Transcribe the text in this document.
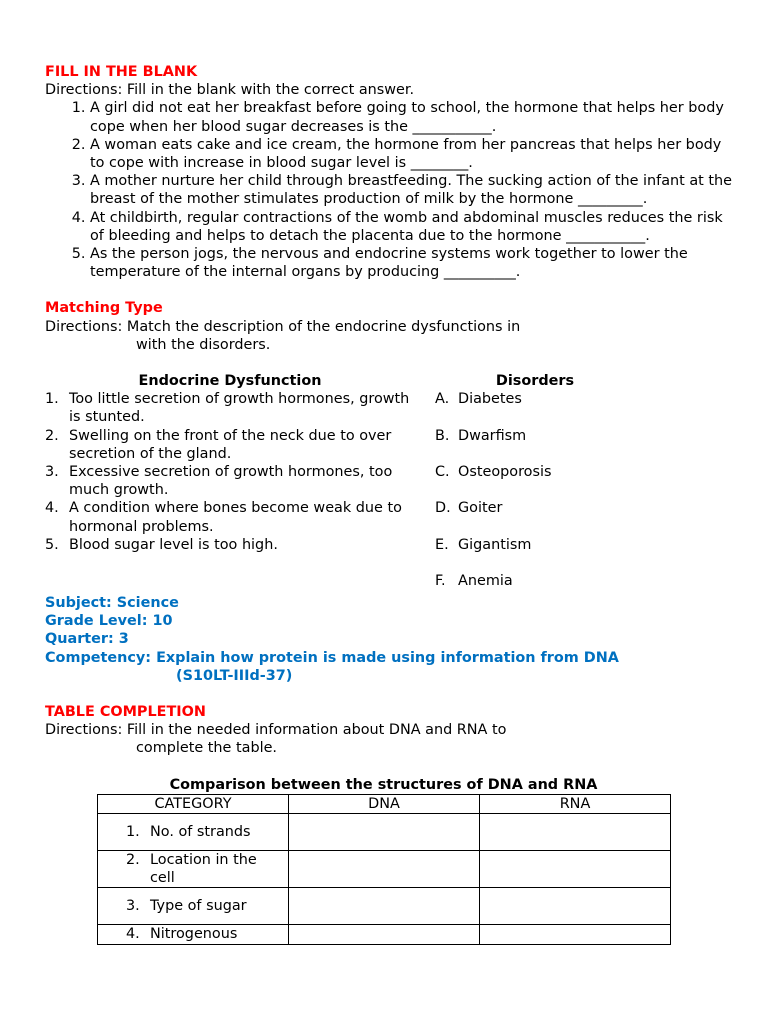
FILL IN THE BLANK

Directions: Fill in the blank with the correct answer.

1. A girl did not eat her breakfast before going to school, the hormone that helps her body cope when her blood sugar decreases is the ___________.
2. A woman eats cake and ice cream, the hormone from her pancreas that helps her body to cope with increase in blood sugar level is ________.
3. A mother nurture her child through breastfeeding. The sucking action of the infant at the breast of the mother stimulates production of milk by the hormone _________.
4. At childbirth, regular contractions of the womb and abdominal muscles reduces the risk of bleeding and helps to detach the placenta due to the hormone ___________.
5. As the person jogs, the nervous and endocrine systems work together to lower the temperature of the internal organs by producing __________.

Matching Type

Directions: Match the description of the endocrine dysfunctions in

with the disorders.

Endocrine Dysfunction
1. Too little secretion of growth hormones, growth is stunted.
2. Swelling on the front of the neck due to over secretion of the gland.
3. Excessive secretion of growth hormones, too much growth.
4. A condition where bones become weak due to hormonal problems.
5. Blood sugar level is too high.
Disorders
A. Diabetes
B. Dwarfism
C. Osteoporosis
D. Goiter
E. Gigantism
F. Anemia
Subject: Science
Grade Level: 10
Quarter: 3
Competency: Explain how protein is made using information from DNA
(S10LT-IIId-37)

TABLE COMPLETION

Directions: Fill in the needed information about DNA and RNA to

complete the table.

Comparison between the structures of DNA and RNA
CATEGORY	DNA	RNA

1. No. of strands		

2. Location in the cell		

3. Type of sugar		

4. Nitrogenous		
